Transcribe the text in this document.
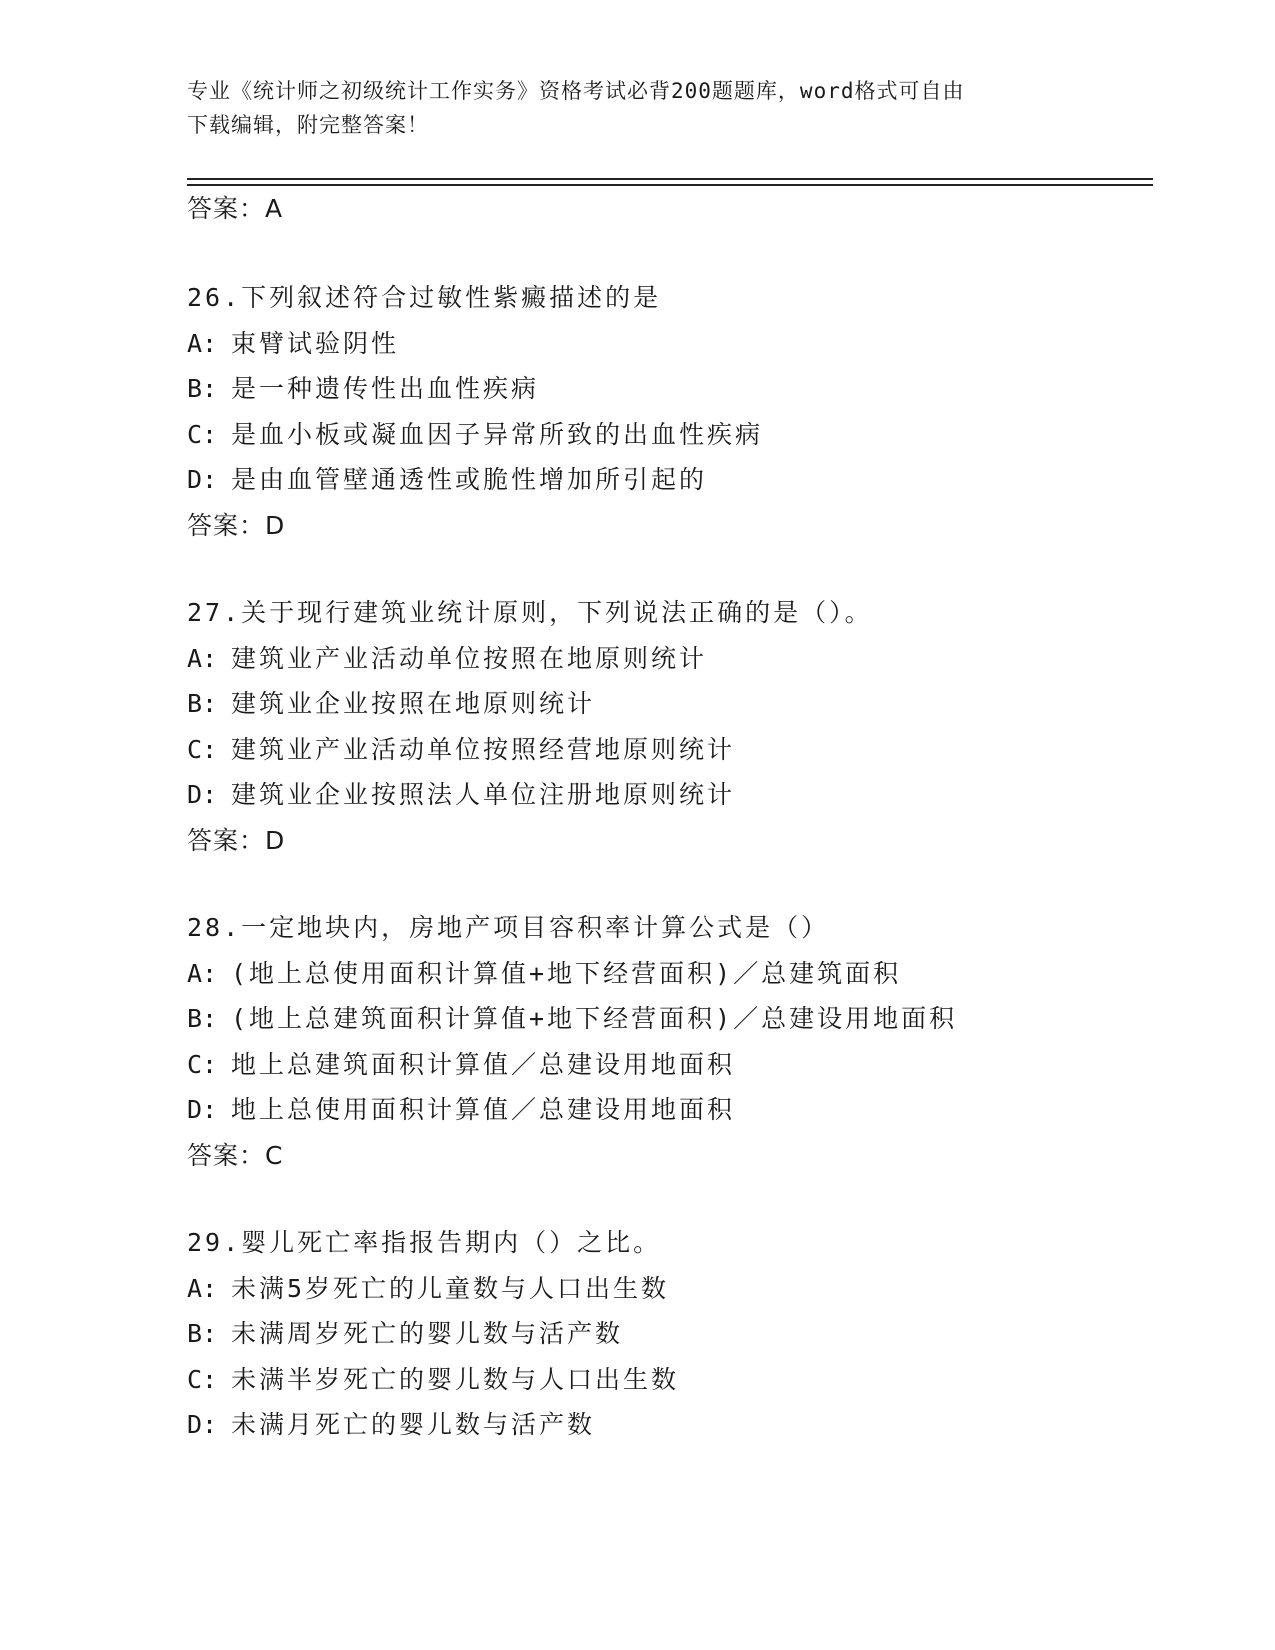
专业《统计师之初级统计工作实务》资格考试必背200题题库，word格式可自由
下载编辑，附完整答案！
答案：A
26.下列叙述符合过敏性紫癜描述的是
A: 束臂试验阴性
B: 是一种遗传性出血性疾病
C: 是血小板或凝血因子异常所致的出血性疾病
D: 是由血管壁通透性或脆性增加所引起的
答案：D
27.关于现行建筑业统计原则，下列说法正确的是（）。
A: 建筑业产业活动单位按照在地原则统计
B: 建筑业企业按照在地原则统计
C: 建筑业产业活动单位按照经营地原则统计
D: 建筑业企业按照法人单位注册地原则统计
答案：D
28.一定地块内，房地产项目容积率计算公式是（）
A: (地上总使用面积计算值+地下经营面积)／总建筑面积
B: (地上总建筑面积计算值+地下经营面积)／总建设用地面积
C: 地上总建筑面积计算值／总建设用地面积
D: 地上总使用面积计算值／总建设用地面积
答案：C
29.婴儿死亡率指报告期内（）之比。
A: 未满5岁死亡的儿童数与人口出生数
B: 未满周岁死亡的婴儿数与活产数
C: 未满半岁死亡的婴儿数与人口出生数
D: 未满月死亡的婴儿数与活产数
